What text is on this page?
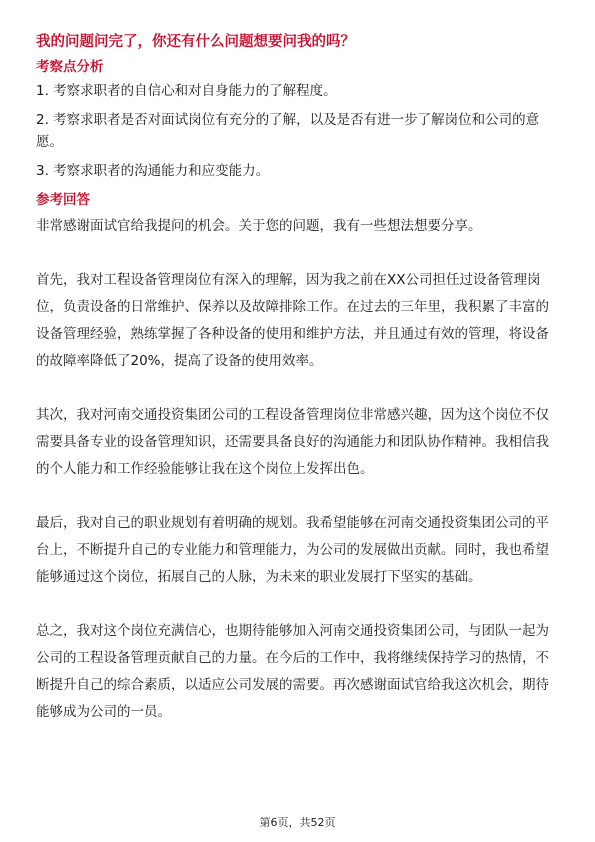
我的问题问完了，你还有什么问题想要问我的吗？
考察点分析
1. 考察求职者的自信心和对自身能力的了解程度。
2. 考察求职者是否对面试岗位有充分的了解，以及是否有进一步了解岗位和公司的意愿。
3. 考察求职者的沟通能力和应变能力。
参考回答
非常感谢面试官给我提问的机会。关于您的问题，我有一些想法想要分享。
首先，我对工程设备管理岗位有深入的理解，因为我之前在XX公司担任过设备管理岗位，负责设备的日常维护、保养以及故障排除工作。在过去的三年里，我积累了丰富的设备管理经验，熟练掌握了各种设备的使用和维护方法，并且通过有效的管理，将设备的故障率降低了20%，提高了设备的使用效率。
其次，我对河南交通投资集团公司的工程设备管理岗位非常感兴趣，因为这个岗位不仅需要具备专业的设备管理知识，还需要具备良好的沟通能力和团队协作精神。我相信我的个人能力和工作经验能够让我在这个岗位上发挥出色。
最后，我对自己的职业规划有着明确的规划。我希望能够在河南交通投资集团公司的平台上，不断提升自己的专业能力和管理能力，为公司的发展做出贡献。同时，我也希望能够通过这个岗位，拓展自己的人脉，为未来的职业发展打下坚实的基础。
总之，我对这个岗位充满信心，也期待能够加入河南交通投资集团公司，与团队一起为公司的工程设备管理贡献自己的力量。在今后的工作中，我将继续保持学习的热情，不断提升自己的综合素质，以适应公司发展的需要。再次感谢面试官给我这次机会，期待能够成为公司的一员。
第6页，共52页
